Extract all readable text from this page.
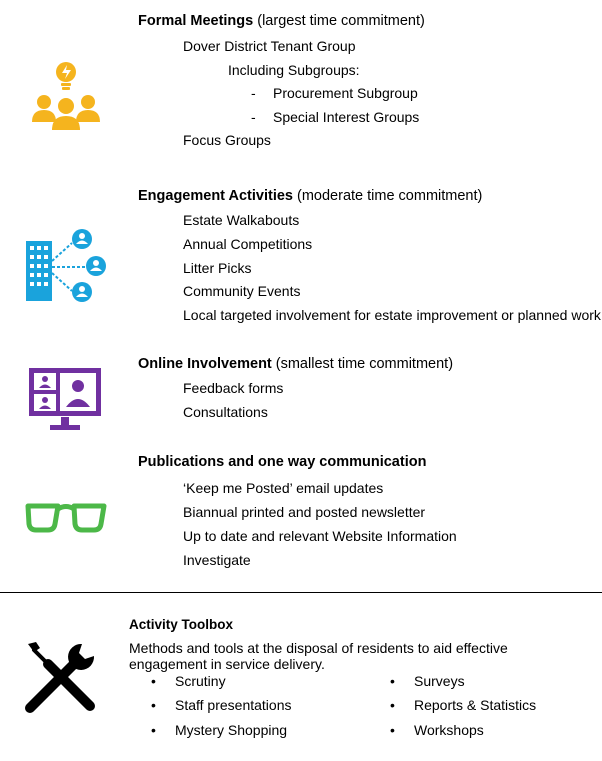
Formal Meetings (largest time commitment)
Dover District Tenant Group
Including Subgroups:
- Procurement Subgroup
- Special Interest Groups
Focus Groups
Engagement Activities (moderate time commitment)
Estate Walkabouts
Annual Competitions
Litter Picks
Community Events
Local targeted involvement for estate improvement or planned work
Online Involvement (smallest time commitment)
Feedback forms
Consultations
Publications and one way communication
‘Keep me Posted’ email updates
Biannual printed and posted newsletter
Up to date and relevant Website Information
Investigate
Activity Toolbox
Methods and tools at the disposal of residents to aid effective engagement in service delivery.
• Scrutiny
• Staff presentations
• Mystery Shopping
• Surveys
• Reports & Statistics
• Workshops
